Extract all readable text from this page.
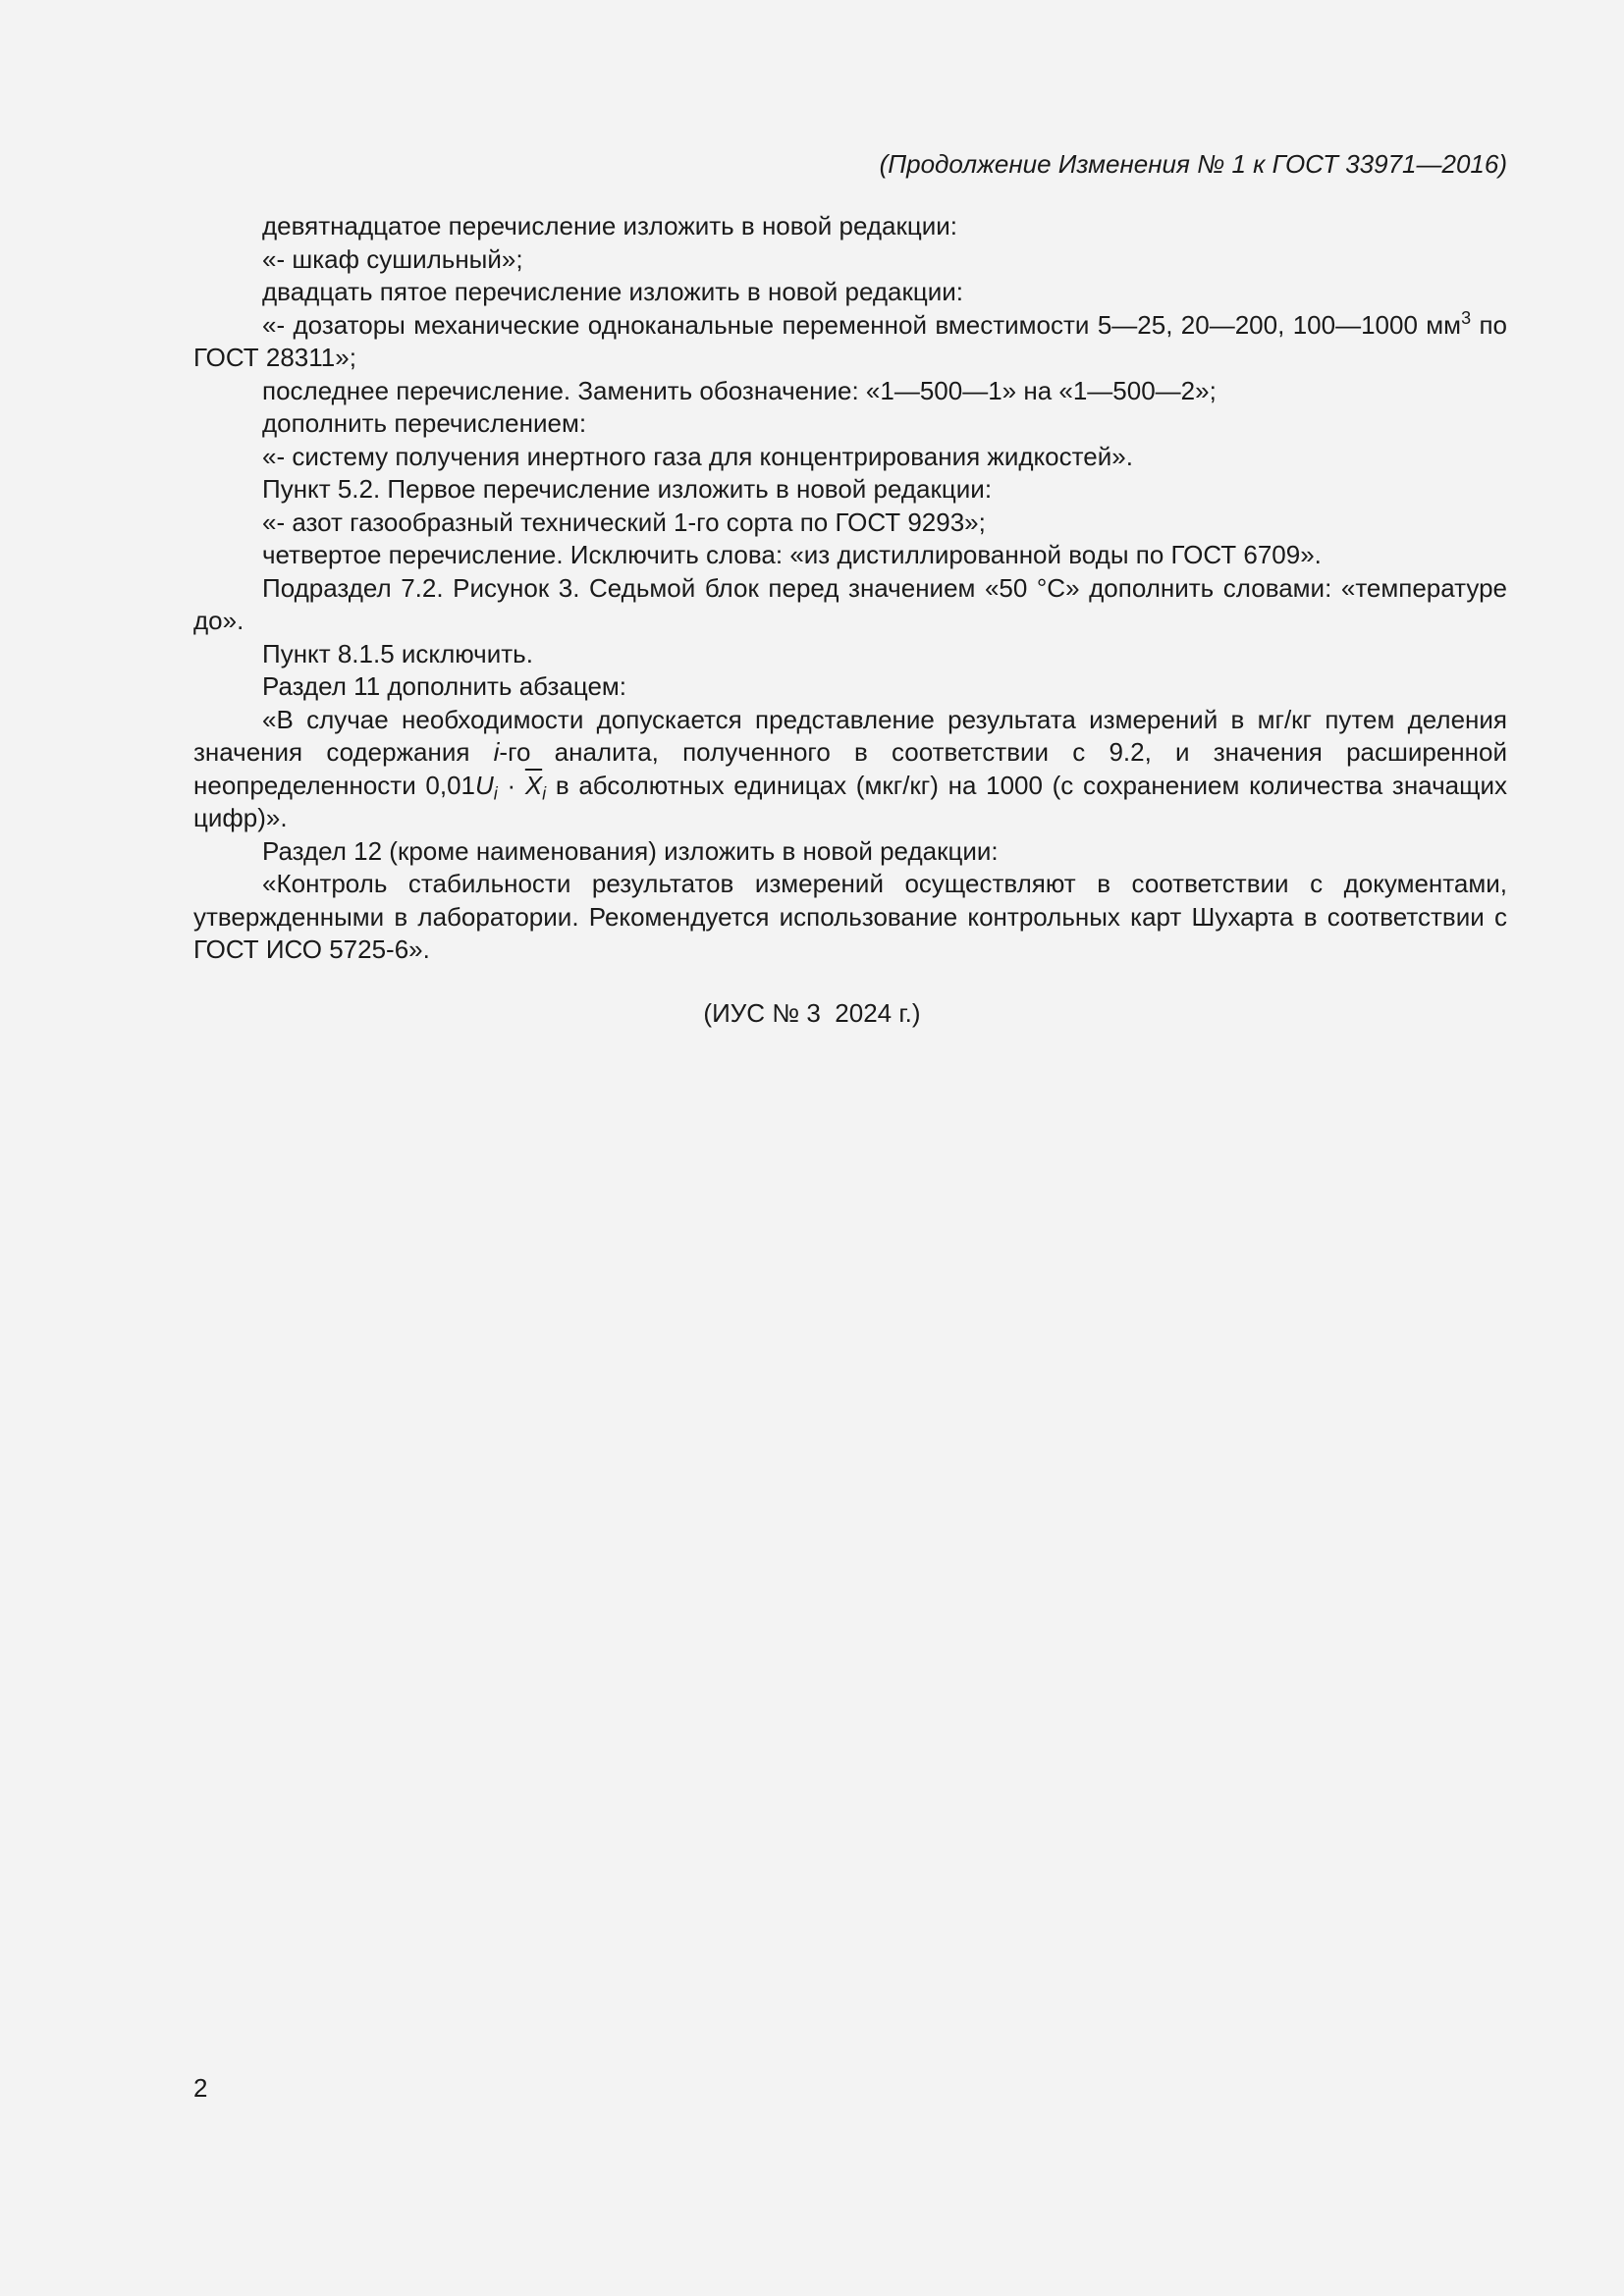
(Продолжение Изменения № 1 к ГОСТ 33971—2016)

девятнадцатое перечисление изложить в новой редакции:

«- шкаф сушильный»;

двадцать пятое перечисление изложить в новой редакции:

«- дозаторы механические одноканальные переменной вместимости 5—25, 20—200, 100—1000 $мм^3$ по ГОСТ 28311»;

последнее перечисление. Заменить обозначение: «1—500—1» на «1—500—2»;

дополнить перечислением:

«- систему получения инертного газа для концентрирования жидкостей».

Пункт 5.2. Первое перечисление изложить в новой редакции:

«- азот газообразный технический 1-го сорта по ГОСТ 9293»;

четвертое перечисление. Исключить слова: «из дистиллированной воды по ГОСТ 6709».

Подраздел 7.2. Рисунок 3. Седьмой блок перед значением «50 °С» дополнить словами: «температуре до».

Пункт 8.1.5 исключить.

Раздел 11 дополнить абзацем:

«В случае необходимости допускается представление результата измерений в мг/кг путем деления значения содержания i-го аналита, полученного в соответствии с 9.2, и значения расширенной неопределенности $0,01U_i \cdot \overline{X}_i$ в абсолютных единицах (мкг/кг) на 1000 (с сохранением количества значащих цифр)».

Раздел 12 (кроме наименования) изложить в новой редакции:

«Контроль стабильности результатов измерений осуществляют в соответствии с документами, утвержденными в лаборатории. Рекомендуется использование контрольных карт Шухарта в соответствии с ГОСТ ИСО 5725-6».

(ИУС № 3  2024 г.)
2
